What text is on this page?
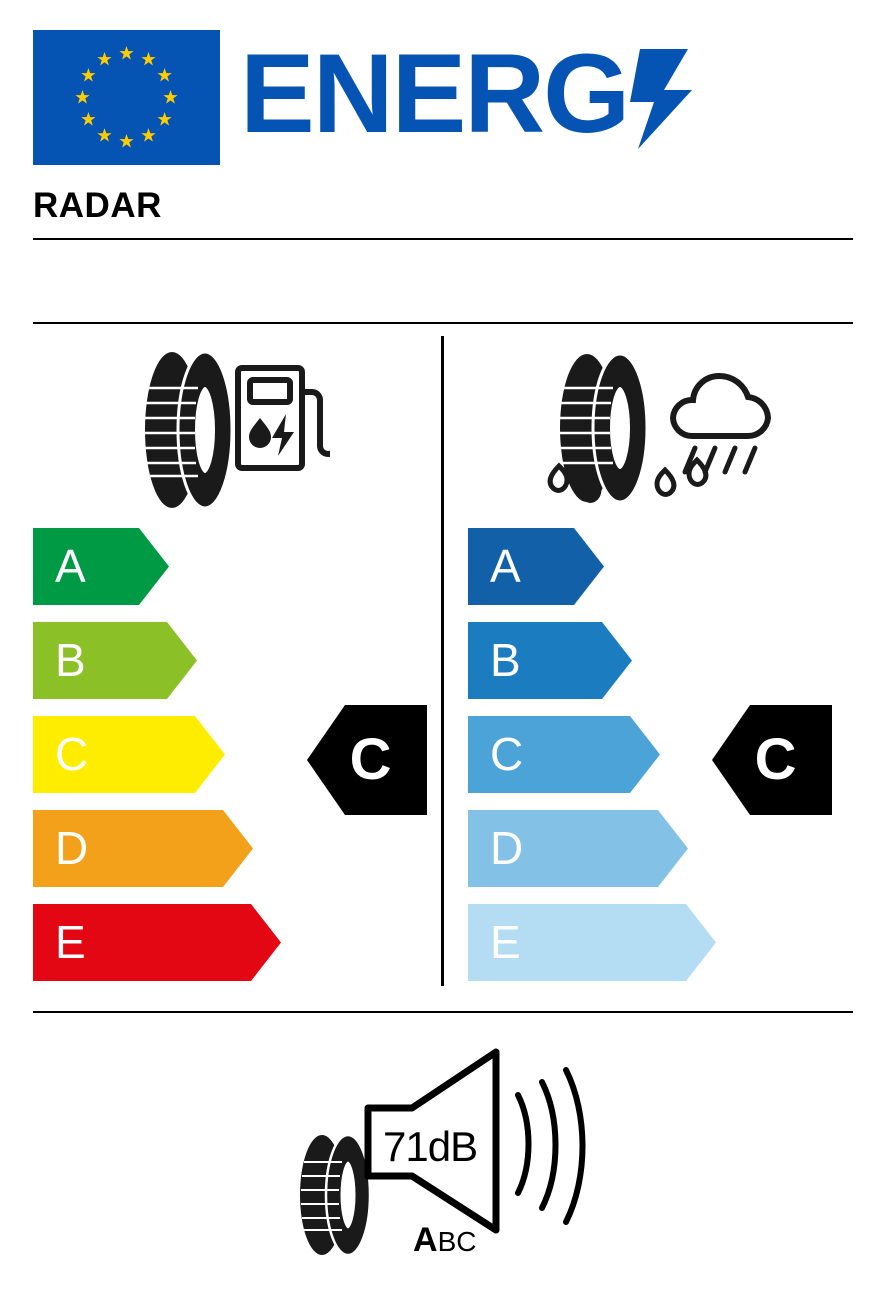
ENERG
RADAR
A
B
C
D
E
A
B
C
D
E
C	C
71dB
ABC
